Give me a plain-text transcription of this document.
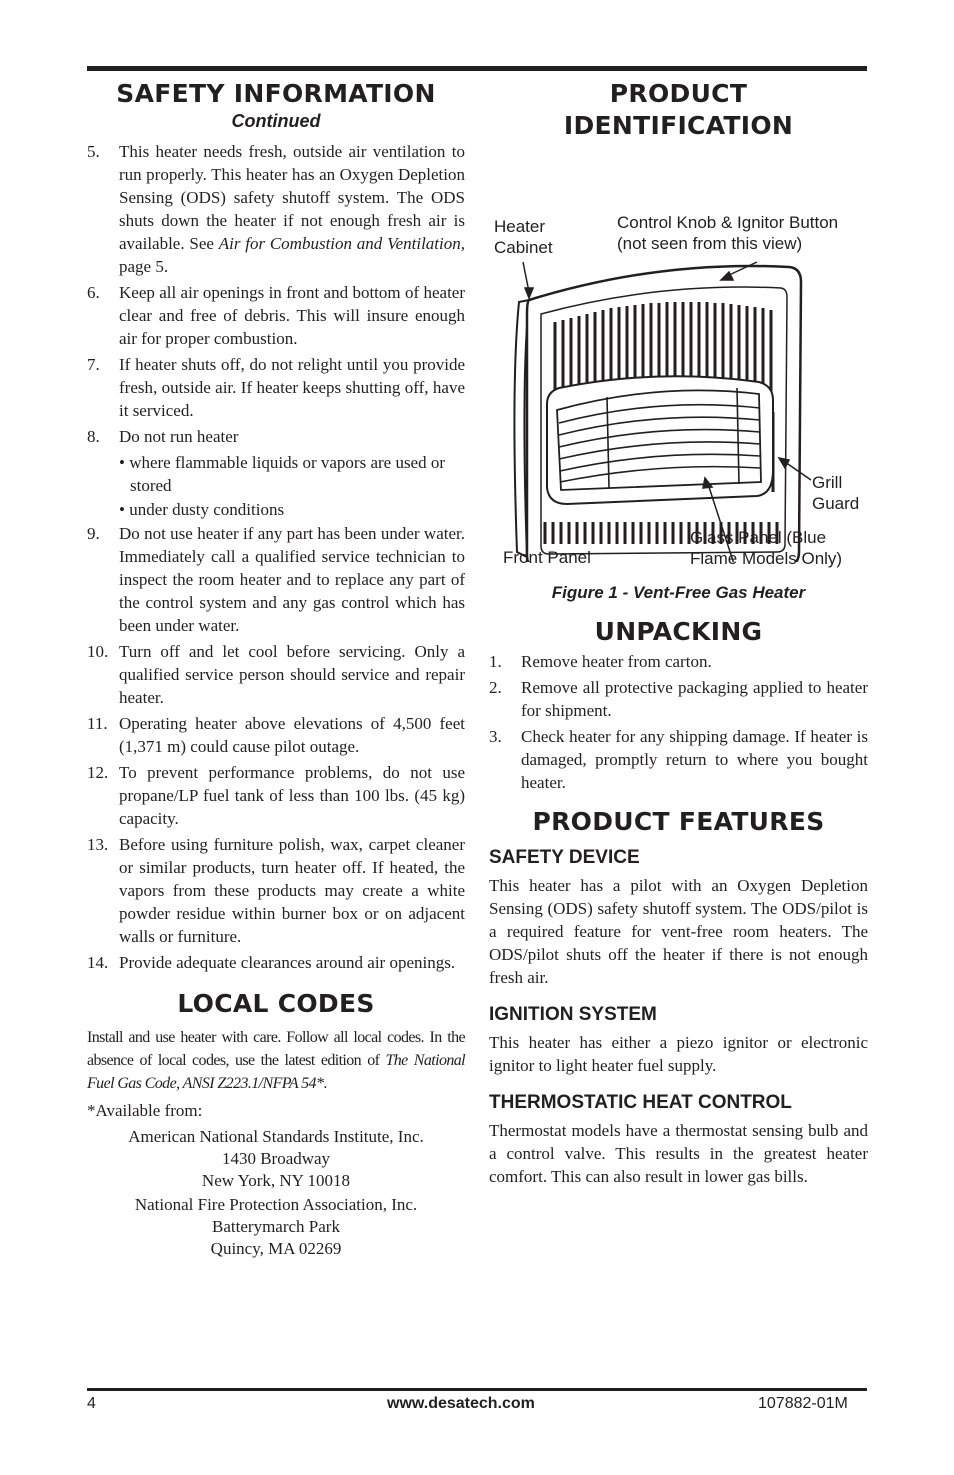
SAFETY INFORMATION
Continued
5.	This heater needs fresh, outside air ventilation to run properly. This heater has an Oxygen Depletion Sensing (ODS) safety shutoff system. The ODS shuts down the heater if not enough fresh air is available. See Air for Combustion and Ventilation, page 5.
6.	Keep all air openings in front and bottom of heater clear and free of debris. This will insure enough air for proper combustion.
7.	If heater shuts off, do not relight until you provide fresh, outside air. If heater keeps shutting off, have it serviced.
8.	Do not run heater
• where flammable liquids or vapors are used or stored
• under dusty conditions
9.	Do not use heater if any part has been under water. Immediately call a qualified service technician to inspect the room heater and to replace any part of the control system and any gas control which has been under water.
10. Turn off and let cool before servicing. Only a qualified service person should service and repair heater.
11. Operating heater above elevations of 4,500 feet (1,371 m) could cause pilot outage.
12. To prevent performance problems, do not use propane/LP fuel tank of less than 100 lbs. (45 kg) capacity.
13. Before using furniture polish, wax, carpet cleaner or similar products, turn heater off. If heated, the vapors from these products may create a white powder residue within burner box or on adjacent walls or furniture.
14. Provide adequate clearances around air openings.
LOCAL CODES

Install and use heater with care. Follow all local codes. In the absence of local codes, use the latest edition of The National Fuel Gas Code, ANSI Z223.1/NFPA 54*.

*Available from:

American National Standards Institute, Inc.

1430 Broadway

New York, NY 10018

National Fire Protection Association, Inc.

Batterymarch Park

Quincy, MA 02269

PRODUCT
IDENTIFICATION
Heater
Cabinet
Control Knob & Ignitor Button
(not seen from this view)
Grill
Guard
Front Panel
Glass Panel (Blue
Flame Models Only)
Figure 1 - Vent-Free Gas Heater
UNPACKING
1.	Remove heater from carton.
2.	Remove all protective packaging applied to heater for shipment.
3.	Check heater for any shipping damage. If heater is damaged, promptly return to where you bought heater.
PRODUCT FEATURES
SAFETY DEVICE

This heater has a pilot with an Oxygen Depletion Sensing (ODS) safety shutoff system. The ODS/pilot is a required feature for vent-free room heaters. The ODS/pilot shuts off the heater if there is not enough fresh air.

IGNITION SYSTEM

This heater has either a piezo ignitor or electronic ignitor to light heater fuel supply.

THERMOSTATIC HEAT CONTROL

Thermostat models have a thermostat sensing bulb and a control valve. This results in the greatest heater comfort. This can also result in lower gas bills.

4	www.desatech.com	107882-01M
